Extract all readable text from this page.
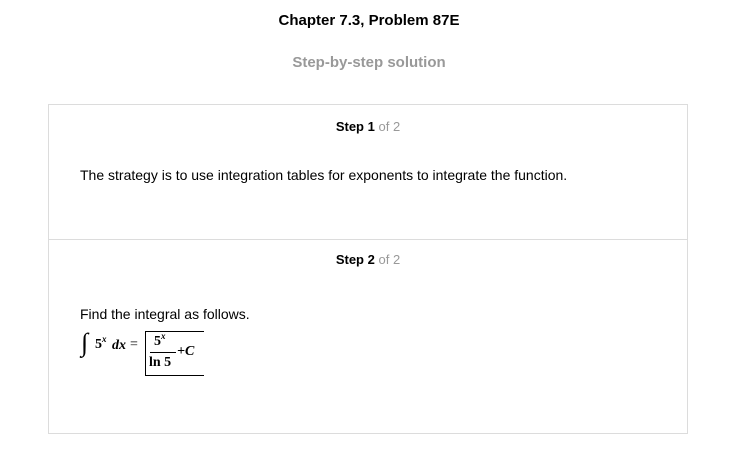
Chapter 7.3, Problem 87E
Step-by-step solution
Step 1 of 2
The strategy is to use integration tables for exponents to integrate the function.
Step 2 of 2
Find the integral as follows.
∫ 5$^x$ dx = $5^x$
ln 5
+C
